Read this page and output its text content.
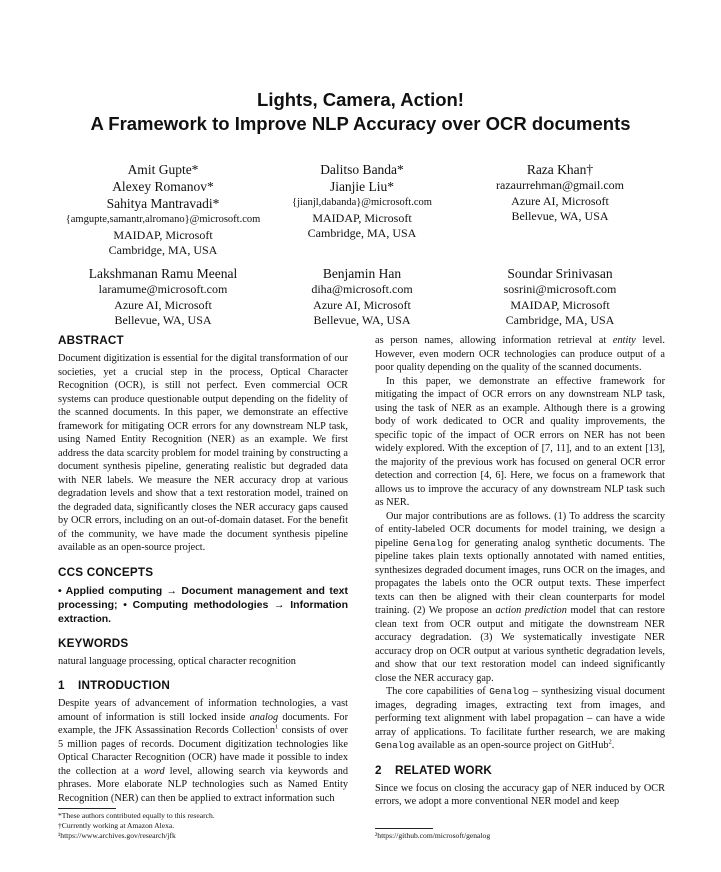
Lights, Camera, Action!
A Framework to Improve NLP Accuracy over OCR documents
Amit Gupte*
Alexey Romanov*
Sahitya Mantravadi*
{amgupte,samantr,alromano}@microsoft.com
MAIDAP, Microsoft
Cambridge, MA, USA
Dalitso Banda*
Jianjie Liu*
{jianjl,dabanda}@microsoft.com
MAIDAP, Microsoft
Cambridge, MA, USA
Raza Khan†
razaurrehman@gmail.com
Azure AI, Microsoft
Bellevue, WA, USA
Lakshmanan Ramu Meenal
laramume@microsoft.com
Azure AI, Microsoft
Bellevue, WA, USA
Benjamin Han
diha@microsoft.com
Azure AI, Microsoft
Bellevue, WA, USA
Soundar Srinivasan
sosrini@microsoft.com
MAIDAP, Microsoft
Cambridge, MA, USA
ABSTRACT

Document digitization is essential for the digital transformation of our societies, yet a crucial step in the process, Optical Character Recognition (OCR), is still not perfect. Even commercial OCR systems can produce questionable output depending on the fidelity of the scanned documents. In this paper, we demonstrate an effective framework for mitigating OCR errors for any downstream NLP task, using Named Entity Recognition (NER) as an example. We first address the data scarcity problem for model training by constructing a document synthesis pipeline, generating realistic but degraded data with NER labels. We measure the NER accuracy drop at various degradation levels and show that a text restoration model, trained on the degraded data, significantly closes the NER accuracy gaps caused by OCR errors, including on an out-of-domain dataset. For the benefit of the community, we have made the document synthesis pipeline available as an open-source project.

CCS CONCEPTS

• Applied computing → Document management and text processing; • Computing methodologies → Information extraction.

KEYWORDS

natural language processing, optical character recognition

1 INTRODUCTION

Despite years of advancement of information technologies, a vast amount of information is still locked inside analog documents. For example, the JFK Assassination Records Collection$^1$ consists of over 5 million pages of records. Document digitization technologies like Optical Character Recognition (OCR) have made it possible to index the collection at a word level, allowing search via keywords and phrases. More elaborate NLP technologies such as Named Entity Recognition (NER) can then be applied to extract information such

as person names, allowing information retrieval at entity level. However, even modern OCR technologies can produce output of a poor quality depending on the quality of the scanned documents.

In this paper, we demonstrate an effective framework for mitigating the impact of OCR errors on any downstream NLP task, using the task of NER as an example. Although there is a growing body of work dedicated to OCR and quality improvements, the specific topic of the impact of OCR errors on NER has not been widely explored. With the exception of [7, 11], and to an extent [13], the majority of the previous work has focused on general OCR error detection and correction [4, 6]. Here, we focus on a framework that allows us to improve the accuracy of any downstream NLP task such as NER.

Our major contributions are as follows. (1) To address the scarcity of entity-labeled OCR documents for model training, we design a pipeline Genalog for generating analog synthetic documents. The pipeline takes plain texts optionally annotated with named entities, synthesizes degraded document images, runs OCR on the images, and propagates the labels onto the OCR output texts. These imperfect texts can then be aligned with their clean counterparts for model training. (2) We propose an action prediction model that can restore clean text from OCR output and mitigate the downstream NER accuracy degradation. (3) We systematically investigate NER accuracy drop on OCR output at various synthetic degradation levels, and show that our text restoration model can indeed significantly close the NER accuracy gap.

The core capabilities of Genalog – synthesizing visual document images, degrading images, extracting text from images, and performing text alignment with label propagation – can have a wide array of applications. To facilitate further research, we are making Genalog available as an open-source project on GitHub$^2$.

2 RELATED WORK

Since we focus on closing the accuracy gap of NER induced by OCR errors, we adopt a more conventional NER model and keep

*These authors contributed equally to this research.
†Currently working at Amazon Alexa.
¹https://www.archives.gov/research/jfk	²https://github.com/microsoft/genalog
